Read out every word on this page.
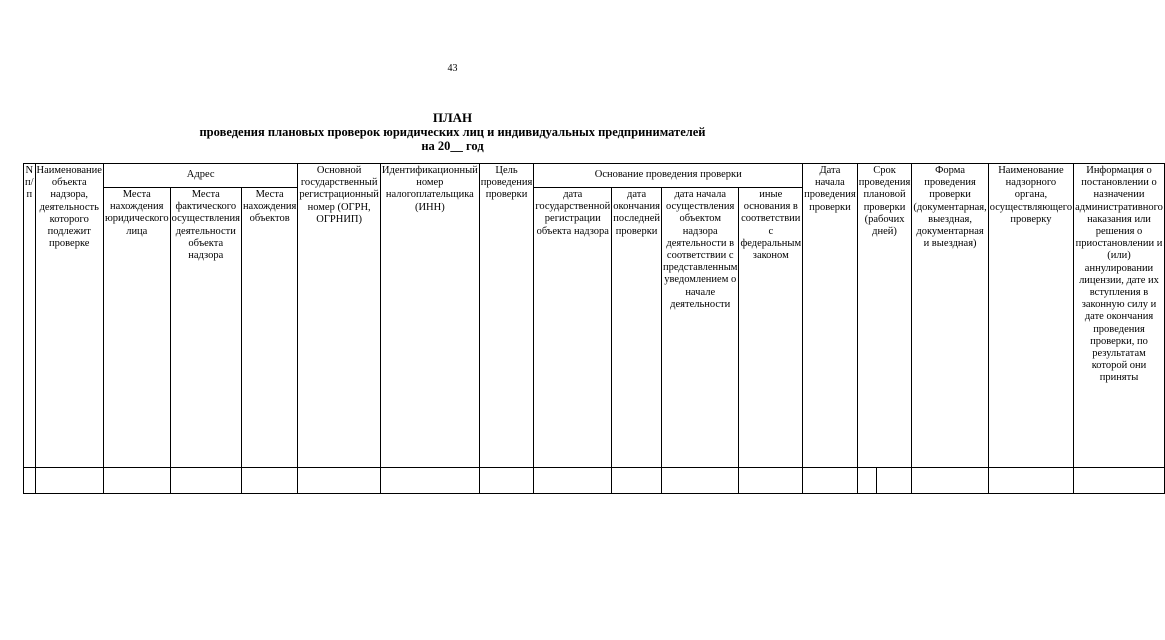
43
ПЛАН
проведения плановых проверок юридических лиц и индивидуальных предпринимателей
на 20__ год
N п/п	Наименование объекта надзора, деятельность которого подлежит проверке	Адрес			Основной государственный регистрационный номер (ОГРН, ОГРНИП)	Идентификационный номер налогоплательщика (ИНН)	Цель проведения проверки	Основание проведения проверки				Дата начала проведения проверки	Срок проведения плановой проверки (рабочих дней)		Форма проведения проверки (документарная, выездная, документарная и выездная)	Наименование надзорного органа, осуществляющего проверку	Информация о постановлении о назначении административного наказания или решения о приостановлении и (или) аннулировании лицензии, дате их вступления в законную силу и дате окончания проведения проверки, по результатам которой они приняты
		Места нахождения юридического лица	Места фактического осуществления деятельности объекта надзора	Места нахождения объектов				дата государственной регистрации объекта надзора	дата окончания последней проверки	дата начала осуществления объектом надзора деятельности в соответствии с представленным уведомлением о начале деятельности	иные основания в соответствии с федеральным законом						
